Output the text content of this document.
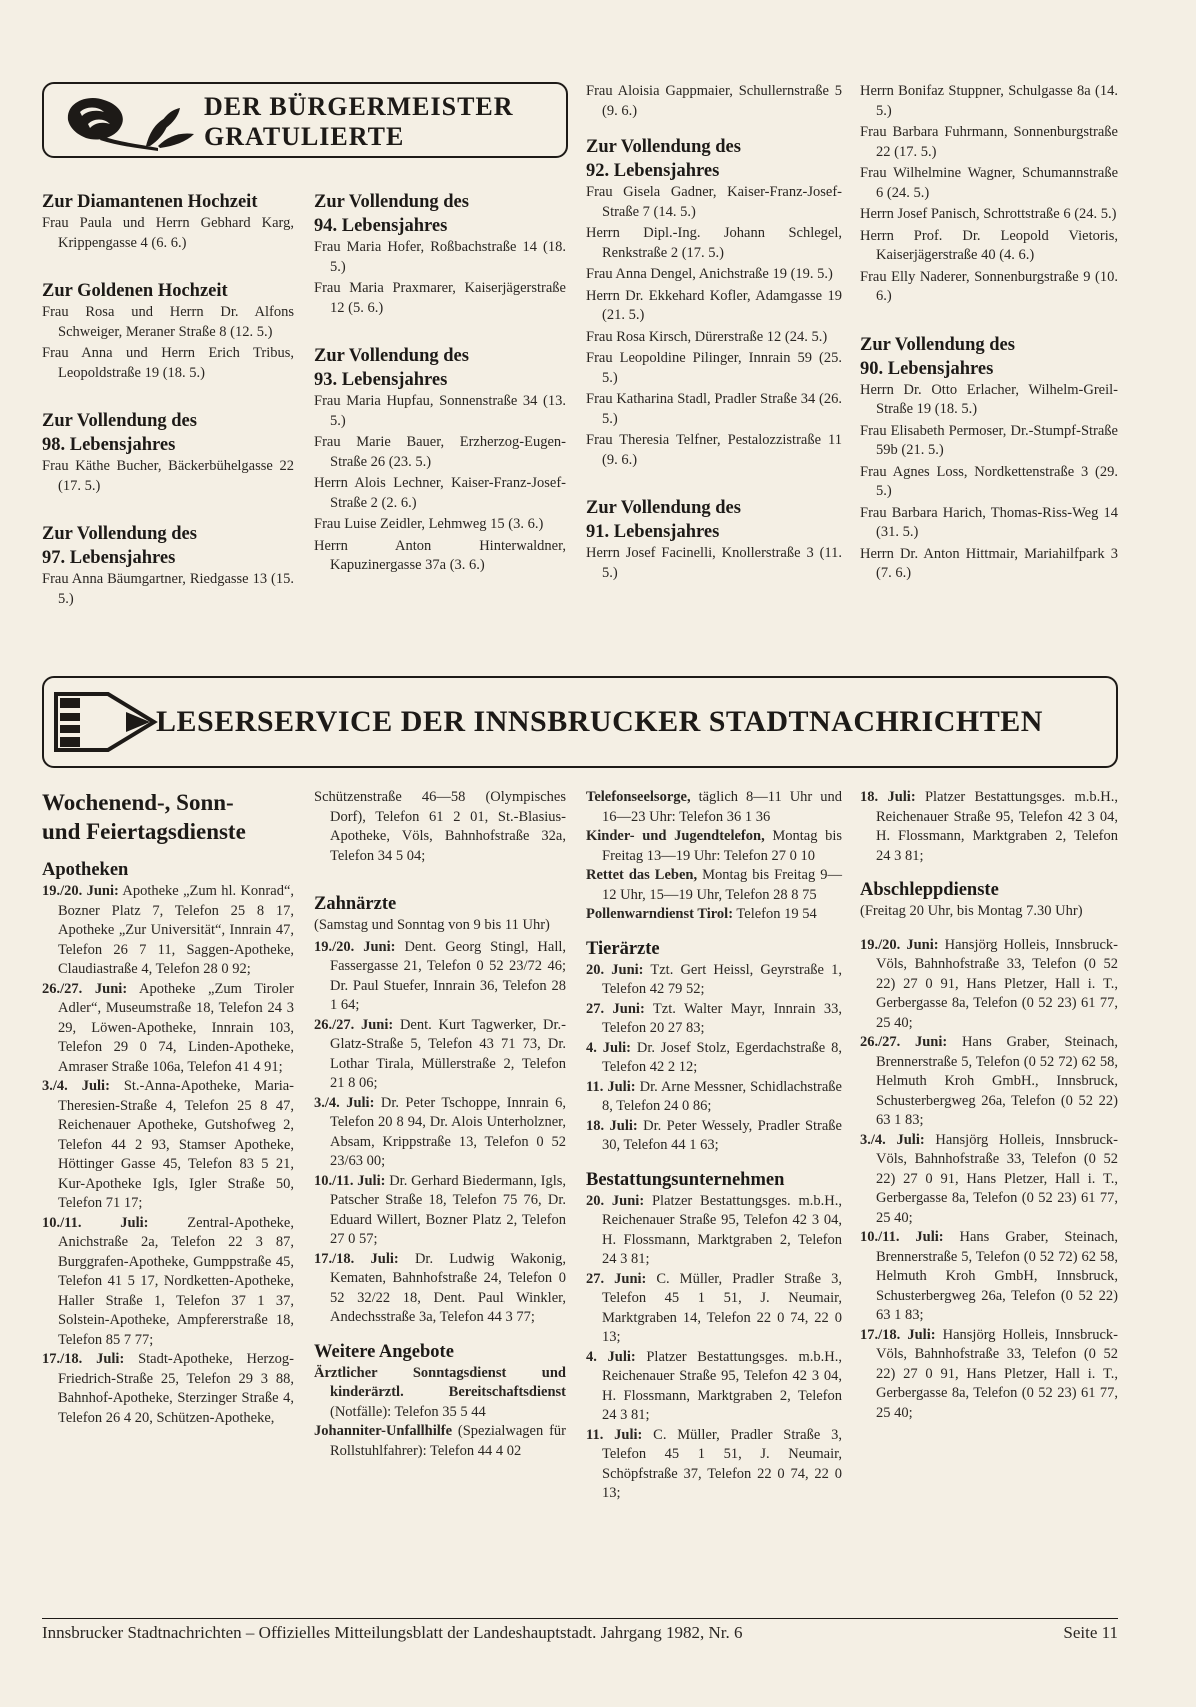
DER BÜRGERMEISTER
GRATULIERTE

Zur Diamantenen Hochzeit

Frau Paula und Herrn Gebhard Karg, Krippengasse 4 (6. 6.)

Zur Goldenen Hochzeit

Frau Rosa und Herrn Dr. Alfons Schweiger, Meraner Straße 8 (12. 5.)

Frau Anna und Herrn Erich Tribus, Leopoldstraße 19 (18. 5.)

Zur Vollendung des

98. Lebensjahres

Frau Käthe Bucher, Bäckerbühelgasse 22 (17. 5.)

Zur Vollendung des

97. Lebensjahres

Frau Anna Bäumgartner, Riedgasse 13 (15. 5.)

Zur Vollendung des

94. Lebensjahres

Frau Maria Hofer, Roßbachstraße 14 (18. 5.)

Frau Maria Praxmarer, Kaiserjägerstraße 12 (5. 6.)

Zur Vollendung des

93. Lebensjahres

Frau Maria Hupfau, Sonnenstraße 34 (13. 5.)

Frau Marie Bauer, Erzherzog-Eugen-Straße 26 (23. 5.)

Herrn Alois Lechner, Kaiser-Franz-Josef-Straße 2 (2. 6.)

Frau Luise Zeidler, Lehmweg 15 (3. 6.)

Herrn Anton Hinterwaldner, Kapuzinergasse 37a (3. 6.)

Frau Aloisia Gappmaier, Schullernstraße 5 (9. 6.)

Zur Vollendung des

92. Lebensjahres

Frau Gisela Gadner, Kaiser-Franz-Josef-Straße 7 (14. 5.)

Herrn Dipl.-Ing. Johann Schlegel, Renkstraße 2 (17. 5.)

Frau Anna Dengel, Anichstraße 19 (19. 5.)

Herrn Dr. Ekkehard Kofler, Adamgasse 19 (21. 5.)

Frau Rosa Kirsch, Dürerstraße 12 (24. 5.)

Frau Leopoldine Pilinger, Innrain 59 (25. 5.)

Frau Katharina Stadl, Pradler Straße 34 (26. 5.)

Frau Theresia Telfner, Pestalozzistraße 11 (9. 6.)

Zur Vollendung des

91. Lebensjahres

Herrn Josef Facinelli, Knollerstraße 3 (11. 5.)

Herrn Bonifaz Stuppner, Schulgasse 8a (14. 5.)

Frau Barbara Fuhrmann, Sonnenburgstraße 22 (17. 5.)

Frau Wilhelmine Wagner, Schumannstraße 6 (24. 5.)

Herrn Josef Panisch, Schrottstraße 6 (24. 5.)

Herrn Prof. Dr. Leopold Vietoris, Kaiserjägerstraße 40 (4. 6.)

Frau Elly Naderer, Sonnenburgstraße 9 (10. 6.)

Zur Vollendung des

90. Lebensjahres

Herrn Dr. Otto Erlacher, Wilhelm-Greil-Straße 19 (18. 5.)

Frau Elisabeth Permoser, Dr.-Stumpf-Straße 59b (21. 5.)

Frau Agnes Loss, Nordkettenstraße 3 (29. 5.)

Frau Barbara Harich, Thomas-Riss-Weg 14 (31. 5.)

Herrn Dr. Anton Hittmair, Mariahilfpark 3 (7. 6.)

LESERSERVICE DER INNSBRUCKER STADTNACHRICHTEN

Wochenend-, Sonn-

und Feiertagsdienste

Apotheken

19./20. Juni: Apotheke „Zum hl. Konrad“, Bozner Platz 7, Telefon 25 8 17, Apotheke „Zur Universität“, Innrain 47, Telefon 26 7 11, Saggen-Apotheke, Claudiastraße 4, Telefon 28 0 92;

26./27. Juni: Apotheke „Zum Tiroler Adler“, Museumstraße 18, Telefon 24 3 29, Löwen-Apotheke, Innrain 103, Telefon 29 0 74, Linden-Apotheke, Amraser Straße 106a, Telefon 41 4 91;

3./4. Juli: St.-Anna-Apotheke, Maria-Theresien-Straße 4, Telefon 25 8 47, Reichenauer Apotheke, Gutshofweg 2, Telefon 44 2 93, Stamser Apotheke, Höttinger Gasse 45, Telefon 83 5 21, Kur-Apotheke Igls, Igler Straße 50, Telefon 71 17;

10./11. Juli: Zentral-Apotheke, Anichstraße 2a, Telefon 22 3 87, Burggrafen-Apotheke, Gumppstraße 45, Telefon 41 5 17, Nordketten-Apotheke, Haller Straße 1, Telefon 37 1 37, Solstein-Apotheke, Ampfererstraße 18, Telefon 85 7 77;

17./18. Juli: Stadt-Apotheke, Herzog-Friedrich-Straße 25, Telefon 29 3 88, Bahnhof-Apotheke, Sterzinger Straße 4, Telefon 26 4 20, Schützen-Apotheke,

Schützenstraße 46—58 (Olympisches Dorf), Telefon 61 2 01, St.-Blasius-Apotheke, Völs, Bahnhofstraße 32a, Telefon 34 5 04;

Zahnärzte

(Samstag und Sonntag von 9 bis 11 Uhr)

19./20. Juni: Dent. Georg Stingl, Hall, Fassergasse 21, Telefon 0 52 23/72 46; Dr. Paul Stuefer, Innrain 36, Telefon 28 1 64;

26./27. Juni: Dent. Kurt Tagwerker, Dr.-Glatz-Straße 5, Telefon 43 71 73, Dr. Lothar Tirala, Müllerstraße 2, Telefon 21 8 06;

3./4. Juli: Dr. Peter Tschoppe, Innrain 6, Telefon 20 8 94, Dr. Alois Unterholzner, Absam, Krippstraße 13, Telefon 0 52 23/63 00;

10./11. Juli: Dr. Gerhard Biedermann, Igls, Patscher Straße 18, Telefon 75 76, Dr. Eduard Willert, Bozner Platz 2, Telefon 27 0 57;

17./18. Juli: Dr. Ludwig Wakonig, Kematen, Bahnhofstraße 24, Telefon 0 52 32/22 18, Dent. Paul Winkler, Andechsstraße 3a, Telefon 44 3 77;

Weitere Angebote

Ärztlicher Sonntagsdienst und kinderärztl. Bereitschaftsdienst (Notfälle): Telefon 35 5 44

Johanniter-Unfallhilfe (Spezialwagen für Rollstuhlfahrer): Telefon 44 4 02

Telefonseelsorge, täglich 8—11 Uhr und 16—23 Uhr: Telefon 36 1 36

Kinder- und Jugendtelefon, Montag bis Freitag 13—19 Uhr: Telefon 27 0 10

Rettet das Leben, Montag bis Freitag 9—12 Uhr, 15—19 Uhr, Telefon 28 8 75

Pollenwarndienst Tirol: Telefon 19 54

Tierärzte

20. Juni: Tzt. Gert Heissl, Geyrstraße 1, Telefon 42 79 52;

27. Juni: Tzt. Walter Mayr, Innrain 33, Telefon 20 27 83;

4. Juli: Dr. Josef Stolz, Egerdachstraße 8, Telefon 42 2 12;

11. Juli: Dr. Arne Messner, Schidlachstraße 8, Telefon 24 0 86;

18. Juli: Dr. Peter Wessely, Pradler Straße 30, Telefon 44 1 63;

Bestattungsunternehmen

20. Juni: Platzer Bestattungsges. m.b.H., Reichenauer Straße 95, Telefon 42 3 04, H. Flossmann, Marktgraben 2, Telefon 24 3 81;

27. Juni: C. Müller, Pradler Straße 3, Telefon 45 1 51, J. Neumair, Marktgraben 14, Telefon 22 0 74, 22 0 13;

4. Juli: Platzer Bestattungsges. m.b.H., Reichenauer Straße 95, Telefon 42 3 04, H. Flossmann, Marktgraben 2, Telefon 24 3 81;

11. Juli: C. Müller, Pradler Straße 3, Telefon 45 1 51, J. Neumair, Schöpfstraße 37, Telefon 22 0 74, 22 0 13;

18. Juli: Platzer Bestattungsges. m.b.H., Reichenauer Straße 95, Telefon 42 3 04, H. Flossmann, Marktgraben 2, Telefon 24 3 81;

Abschleppdienste

(Freitag 20 Uhr, bis Montag 7.30 Uhr)

19./20. Juni: Hansjörg Holleis, Innsbruck-Völs, Bahnhofstraße 33, Telefon (0 52 22) 27 0 91, Hans Pletzer, Hall i. T., Gerbergasse 8a, Telefon (0 52 23) 61 77, 25 40;

26./27. Juni: Hans Graber, Steinach, Brennerstraße 5, Telefon (0 52 72) 62 58, Helmuth Kroh GmbH., Innsbruck, Schusterbergweg 26a, Telefon (0 52 22) 63 1 83;

3./4. Juli: Hansjörg Holleis, Innsbruck-Völs, Bahnhofstraße 33, Telefon (0 52 22) 27 0 91, Hans Pletzer, Hall i. T., Gerbergasse 8a, Telefon (0 52 23) 61 77, 25 40;

10./11. Juli: Hans Graber, Steinach, Brennerstraße 5, Telefon (0 52 72) 62 58, Helmuth Kroh GmbH, Innsbruck, Schusterbergweg 26a, Telefon (0 52 22) 63 1 83;

17./18. Juli: Hansjörg Holleis, Innsbruck-Völs, Bahnhofstraße 33, Telefon (0 52 22) 27 0 91, Hans Pletzer, Hall i. T., Gerbergasse 8a, Telefon (0 52 23) 61 77, 25 40;

Innsbrucker Stadtnachrichten – Offizielles Mitteilungsblatt der Landeshauptstadt. Jahrgang 1982, Nr. 6	Seite 11
